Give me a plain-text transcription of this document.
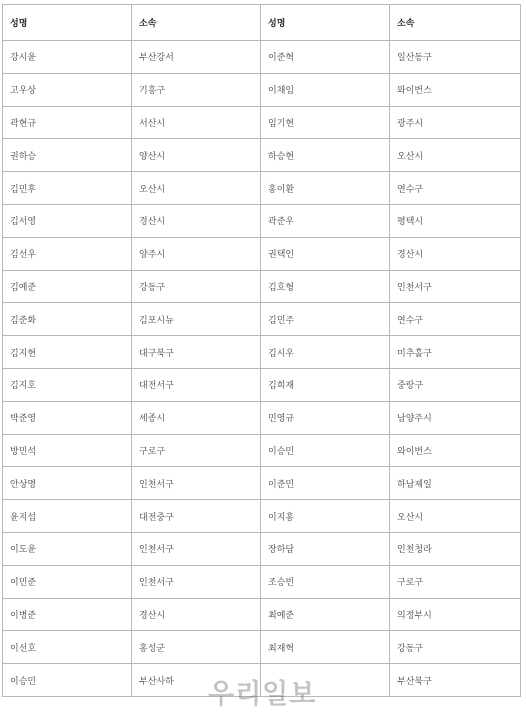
성명	소속	성명	소속
강시윤	부산강서	이준혁	일산동구
고우상	기흥구	이채임	와이번스
곽현규	서산시	임기현	광주시
권하승	양산시	하승현	오산시
김민후	오산시	홍이환	연수구
김서영	경산시	곽준우	평택시
김선우	양주시	권택인	경산시
김예준	강동구	김호형	인천서구
김준화	김포시뉴	김민주	연수구
김지현	대구북구	김시우	미추홀구
김지호	대전서구	김희재	중랑구
박준영	세종시	민영규	남양주시
방민석	구로구	이승민	와이번스
안상명	인천서구	이준민	하남제일
윤지섭	대전중구	이지홍	오산시
이도윤	인천서구	장하담	인천청라
이민준	인천서구	조승빈	구로구
이병준	경산시	최예준	의정부시
이선호	홍성군	최재혁	강동구
이승민	부산사하		부산북구
우리일보
